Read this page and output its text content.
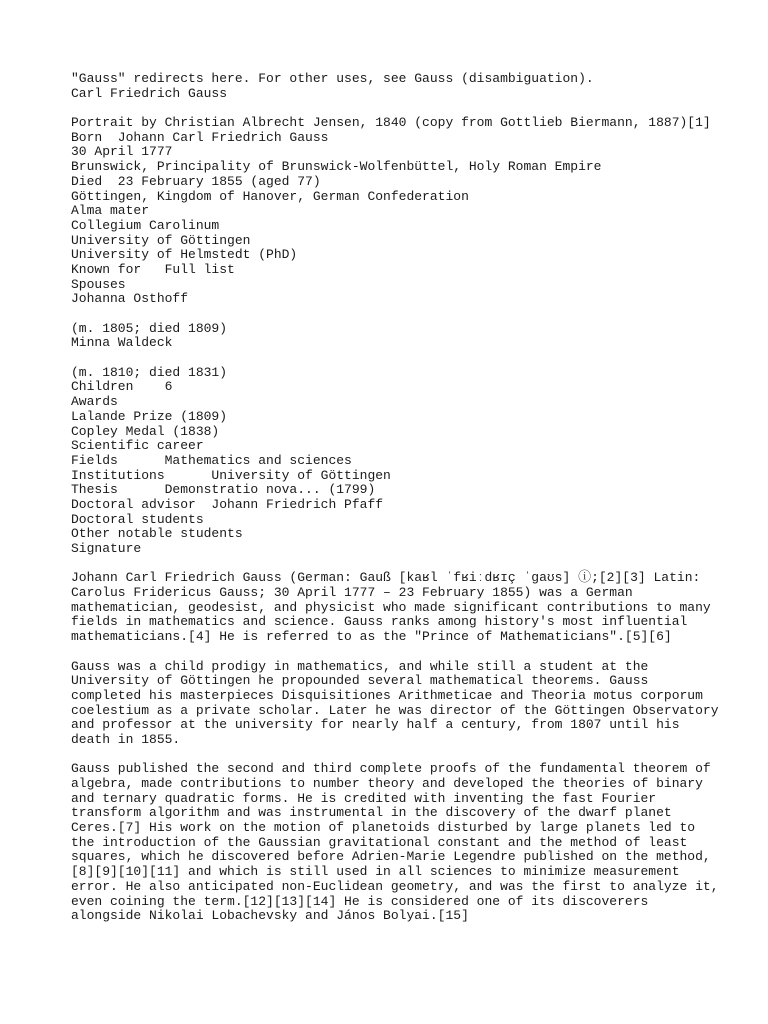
"Gauss" redirects here. For other uses, see Gauss (disambiguation).
Carl Friedrich Gauss
Portrait by Christian Albrecht Jensen, 1840 (copy from Gottlieb Biermann, 1887)[1]
Born  Johann Carl Friedrich Gauss
30 April 1777
Brunswick, Principality of Brunswick-Wolfenbüttel, Holy Roman Empire
Died  23 February 1855 (aged 77)
Göttingen, Kingdom of Hanover, German Confederation
Alma mater
Collegium Carolinum
University of Göttingen
University of Helmstedt (PhD)
Known for   Full list
Spouses
Johanna Osthoff
(m. 1805; died 1809)
Minna Waldeck
(m. 1810; died 1831)
Children    6
Awards
Lalande Prize (1809)
Copley Medal (1838)
Scientific career
Fields      Mathematics and sciences
Institutions      University of Göttingen
Thesis      Demonstratio nova... (1799)
Doctoral advisor  Johann Friedrich Pfaff
Doctoral students
Other notable students
Signature
Johann Carl Friedrich Gauss (German: Gauß [kaʁl ˈfʁiːdʁɪç ˈɡaʊs] ⓘ;[2][3] Latin:
Carolus Fridericus Gauss; 30 April 1777 – 23 February 1855) was a German
mathematician, geodesist, and physicist who made significant contributions to many
fields in mathematics and science. Gauss ranks among history's most influential
mathematicians.[4] He is referred to as the "Prince of Mathematicians".[5][6]
Gauss was a child prodigy in mathematics, and while still a student at the
University of Göttingen he propounded several mathematical theorems. Gauss
completed his masterpieces Disquisitiones Arithmeticae and Theoria motus corporum
coelestium as a private scholar. Later he was director of the Göttingen Observatory
and professor at the university for nearly half a century, from 1807 until his
death in 1855.
Gauss published the second and third complete proofs of the fundamental theorem of
algebra, made contributions to number theory and developed the theories of binary
and ternary quadratic forms. He is credited with inventing the fast Fourier
transform algorithm and was instrumental in the discovery of the dwarf planet
Ceres.[7] His work on the motion of planetoids disturbed by large planets led to
the introduction of the Gaussian gravitational constant and the method of least
squares, which he discovered before Adrien-Marie Legendre published on the method,
[8][9][10][11] and which is still used in all sciences to minimize measurement
error. He also anticipated non-Euclidean geometry, and was the first to analyze it,
even coining the term.[12][13][14] He is considered one of its discoverers
alongside Nikolai Lobachevsky and János Bolyai.[15]
